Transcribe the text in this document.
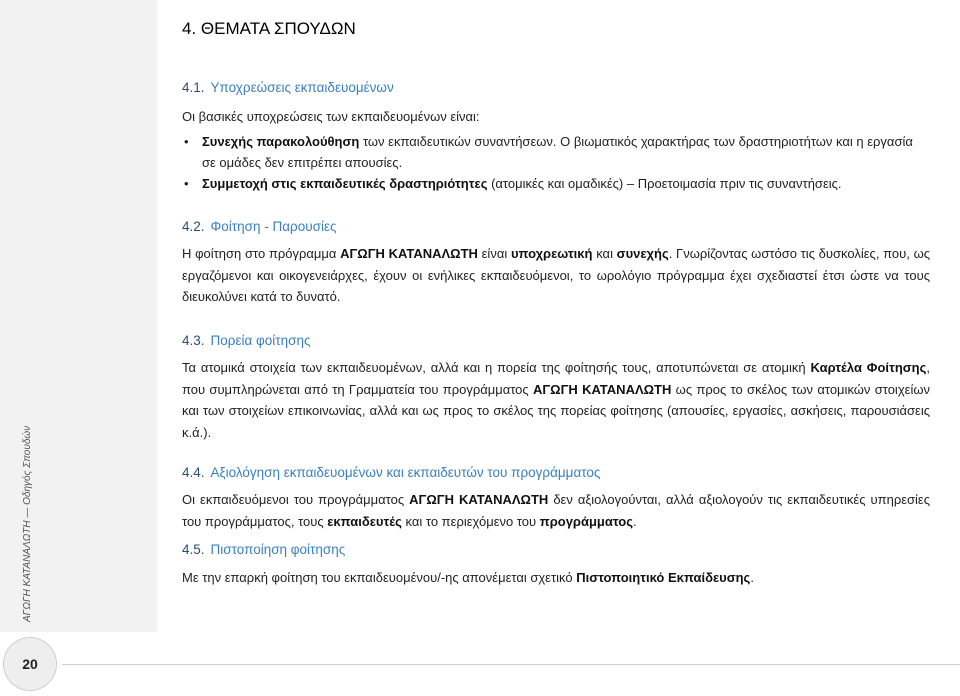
ΑΓΩΓΗ ΚΑΤΑΝΑΛΩΤΗ — Οδηγός Σπουδών
20
4. ΘΕΜΑΤΑ ΣΠΟΥΔΩΝ
4.1. Υποχρεώσεις εκπαιδευομένων
Οι βασικές υποχρεώσεις των εκπαιδευομένων είναι:
• Συνεχής παρακολούθηση των εκπαιδευτικών συναντήσεων. Ο βιωματικός χαρακτήρας των δραστηριοτήτων και η εργασία σε ομάδες δεν επιτρέπει απουσίες.
• Συμμετοχή στις εκπαιδευτικές δραστηριότητες (ατομικές και ομαδικές) – Προετοιμασία πριν τις συναντήσεις.
4.2. Φοίτηση - Παρουσίες
Η φοίτηση στο πρόγραμμα ΑΓΩΓΗ ΚΑΤΑΝΑΛΩΤΗ είναι υποχρεωτική και συνεχής. Γνωρίζοντας ωστόσο τις δυσκολίες, που, ως εργαζόμενοι και οικογενειάρχες, έχουν οι ενήλικες εκπαιδευόμενοι, το ωρολόγιο πρόγραμμα έχει σχεδιαστεί έτσι ώστε να τους διευκολύνει κατά το δυνατό.
4.3. Πορεία φοίτησης
Τα ατομικά στοιχεία των εκπαιδευομένων, αλλά και η πορεία της φοίτησής τους, αποτυπώνεται σε ατομική Καρτέλα Φοίτησης, που συμπληρώνεται από τη Γραμματεία του προγράμματος ΑΓΩΓΗ ΚΑΤΑΝΑΛΩΤΗ ως προς το σκέλος των ατομικών στοιχείων και των στοιχείων επικοινωνίας, αλλά και ως προς το σκέλος της πορείας φοίτησης (απουσίες, εργασίες, ασκήσεις, παρουσιάσεις κ.ά.).
4.4. Αξιολόγηση εκπαιδευομένων και εκπαιδευτών του προγράμματος
Οι εκπαιδευόμενοι του προγράμματος ΑΓΩΓΗ ΚΑΤΑΝΑΛΩΤΗ δεν αξιολογούνται, αλλά αξιολογούν τις εκπαιδευτικές υπηρεσίες του προγράμματος, τους εκπαιδευτές και το περιεχόμενο του προγράμματος.
4.5. Πιστοποίηση φοίτησης
Με την επαρκή φοίτηση του εκπαιδευομένου/-ης απονέμεται σχετικό Πιστοποιητικό Εκπαίδευσης.
